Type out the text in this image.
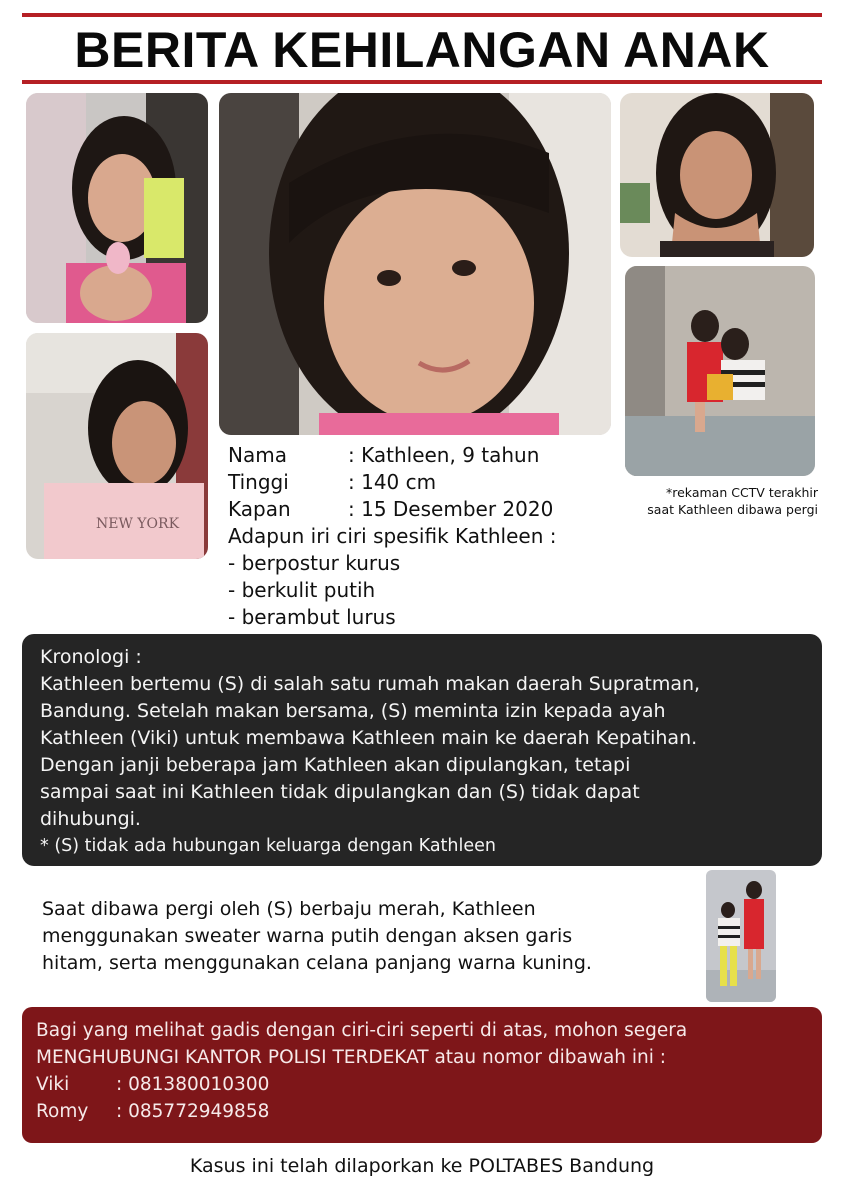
BERITA KEHILANGAN ANAK
NEW YORK
*rekaman CCTV terakhir
saat Kathleen dibawa pergi
Nama	: Kathleen, 9 tahun
Tinggi	: 140 cm
Kapan	: 15 Desember 2020
Adapun iri ciri spesifik Kathleen :
- berpostur kurus
- berkulit putih
- berambut lurus
Kronologi :
Kathleen bertemu (S) di salah satu rumah makan daerah Supratman,
Bandung. Setelah makan bersama, (S) meminta izin kepada ayah
Kathleen (Viki) untuk membawa Kathleen main ke daerah Kepatihan.
Dengan janji beberapa jam Kathleen akan dipulangkan, tetapi
sampai saat ini Kathleen tidak dipulangkan dan (S) tidak dapat
dihubungi.
* (S) tidak ada hubungan keluarga dengan Kathleen
Saat dibawa pergi oleh (S) berbaju merah, Kathleen
menggunakan sweater warna putih dengan aksen garis
hitam, serta menggunakan celana panjang warna kuning.
Bagi yang melihat gadis dengan ciri-ciri seperti di atas, mohon segera
MENGHUBUNGI KANTOR POLISI TERDEKAT atau nomor dibawah ini :
Viki	: 081380010300
Romy	: 085772949858
Kasus ini telah dilaporkan ke POLTABES Bandung
